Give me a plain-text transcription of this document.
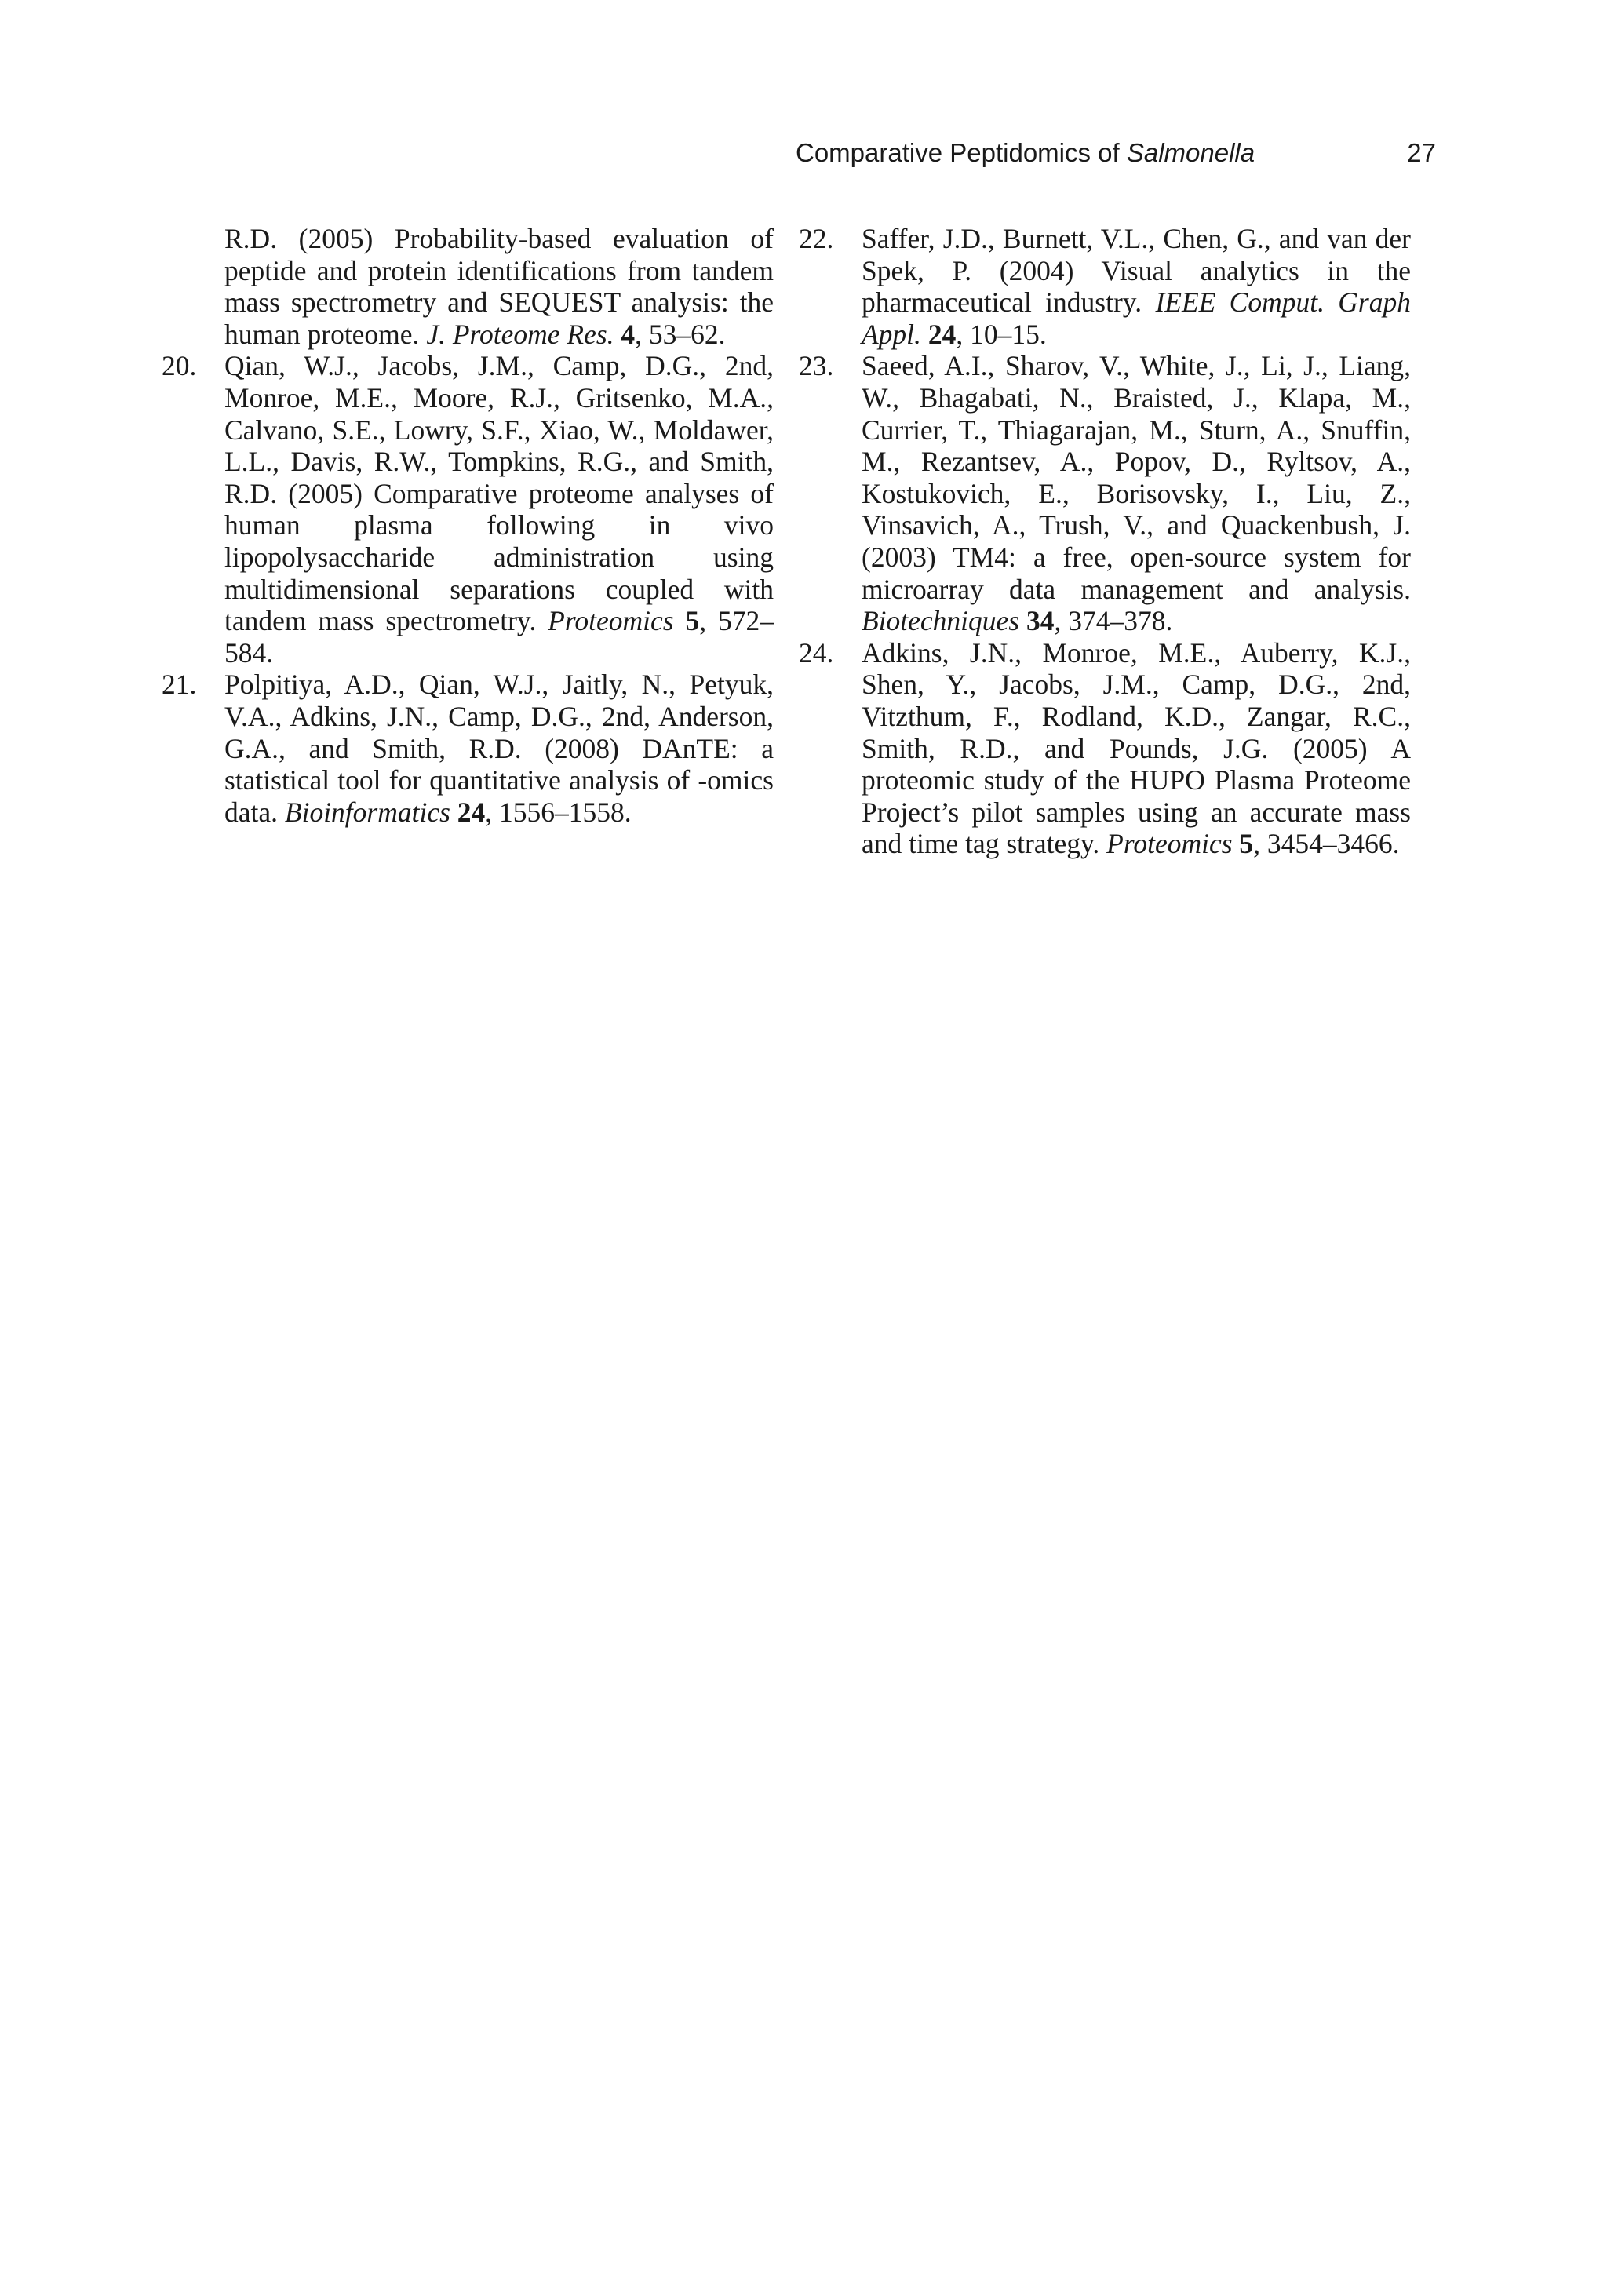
Comparative Peptidomics of Salmonella	27
R.D. (2005) Probability-based evaluation of peptide and protein identifications from tandem mass spectrometry and SEQUEST analysis: the human proteome. J. Proteome Res. 4, 53–62.
20.	Qian, W.J., Jacobs, J.M., Camp, D.G., 2nd, Monroe, M.E., Moore, R.J., Gritsenko, M.A., Calvano, S.E., Lowry, S.F., Xiao, W., Moldawer, L.L., Davis, R.W., Tompkins, R.G., and Smith, R.D. (2005) Comparative proteome analyses of human plasma following in vivo lipopolysaccharide administration using multidimensional separations coupled with tandem mass spectrometry. Proteomics 5, 572–584.
21.	Polpitiya, A.D., Qian, W.J., Jaitly, N., Petyuk, V.A., Adkins, J.N., Camp, D.G., 2nd, Anderson, G.A., and Smith, R.D. (2008) DAnTE: a statistical tool for quantitative analysis of -omics data. Bioinformatics 24, 1556–1558.
22.	Saffer, J.D., Burnett, V.L., Chen, G., and van der Spek, P. (2004) Visual analytics in the pharmaceutical industry. IEEE Comput. Graph Appl. 24, 10–15.
23.	Saeed, A.I., Sharov, V., White, J., Li, J., Liang, W., Bhagabati, N., Braisted, J., Klapa, M., Currier, T., Thiagarajan, M., Sturn, A., Snuffin, M., Rezantsev, A., Popov, D., Ryltsov, A., Kostukovich, E., Borisovsky, I., Liu, Z., Vinsavich, A., Trush, V., and Quackenbush, J. (2003) TM4: a free, open-source system for microarray data management and analysis. Biotechniques 34, 374–378.
24.	Adkins, J.N., Monroe, M.E., Auberry, K.J., Shen, Y., Jacobs, J.M., Camp, D.G., 2nd, Vitzthum, F., Rodland, K.D., Zangar, R.C., Smith, R.D., and Pounds, J.G. (2005) A proteomic study of the HUPO Plasma Proteome Project’s pilot samples using an accurate mass and time tag strategy. Proteomics 5, 3454–3466.
